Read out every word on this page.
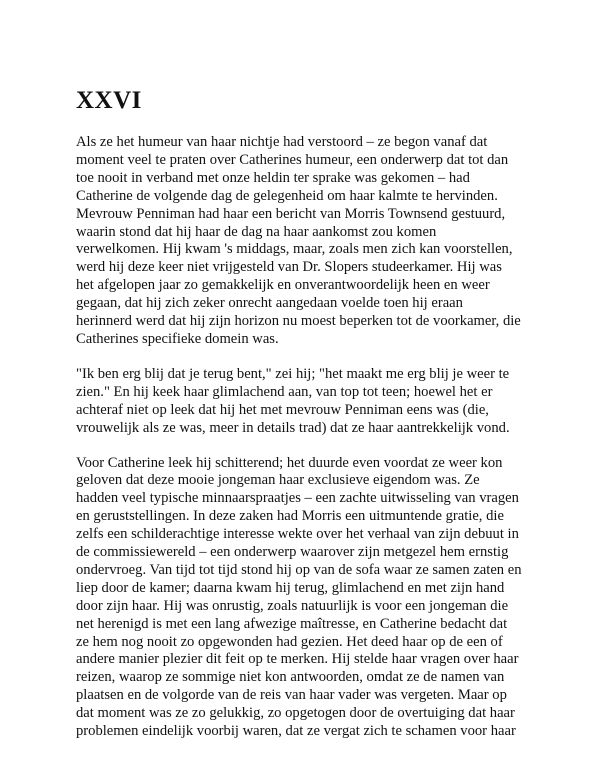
XXVI

Als ze het humeur van haar nichtje had verstoord – ze begon vanaf dat
moment veel te praten over Catherines humeur, een onderwerp dat tot dan
toe nooit in verband met onze heldin ter sprake was gekomen – had
Catherine de volgende dag de gelegenheid om haar kalmte te hervinden.
Mevrouw Penniman had haar een bericht van Morris Townsend gestuurd,
waarin stond dat hij haar de dag na haar aankomst zou komen
verwelkomen. Hij kwam 's middags, maar, zoals men zich kan voorstellen,
werd hij deze keer niet vrijgesteld van Dr. Slopers studeerkamer. Hij was
het afgelopen jaar zo gemakkelijk en onverantwoordelijk heen en weer
gegaan, dat hij zich zeker onrecht aangedaan voelde toen hij eraan
herinnerd werd dat hij zijn horizon nu moest beperken tot de voorkamer, die
Catherines specifieke domein was.

"Ik ben erg blij dat je terug bent," zei hij; "het maakt me erg blij je weer te
zien." En hij keek haar glimlachend aan, van top tot teen; hoewel het er
achteraf niet op leek dat hij het met mevrouw Penniman eens was (die,
vrouwelijk als ze was, meer in details trad) dat ze haar aantrekkelijk vond.

Voor Catherine leek hij schitterend; het duurde even voordat ze weer kon
geloven dat deze mooie jongeman haar exclusieve eigendom was. Ze
hadden veel typische minnaarspraatjes – een zachte uitwisseling van vragen
en geruststellingen. In deze zaken had Morris een uitmuntende gratie, die
zelfs een schilderachtige interesse wekte over het verhaal van zijn debuut in
de commissiewereld – een onderwerp waarover zijn metgezel hem ernstig
ondervroeg. Van tijd tot tijd stond hij op van de sofa waar ze samen zaten en
liep door de kamer; daarna kwam hij terug, glimlachend en met zijn hand
door zijn haar. Hij was onrustig, zoals natuurlijk is voor een jongeman die
net herenigd is met een lang afwezige maîtresse, en Catherine bedacht dat
ze hem nog nooit zo opgewonden had gezien. Het deed haar op de een of
andere manier plezier dit feit op te merken. Hij stelde haar vragen over haar
reizen, waarop ze sommige niet kon antwoorden, omdat ze de namen van
plaatsen en de volgorde van de reis van haar vader was vergeten. Maar op
dat moment was ze zo gelukkig, zo opgetogen door de overtuiging dat haar
problemen eindelijk voorbij waren, dat ze vergat zich te schamen voor haar
